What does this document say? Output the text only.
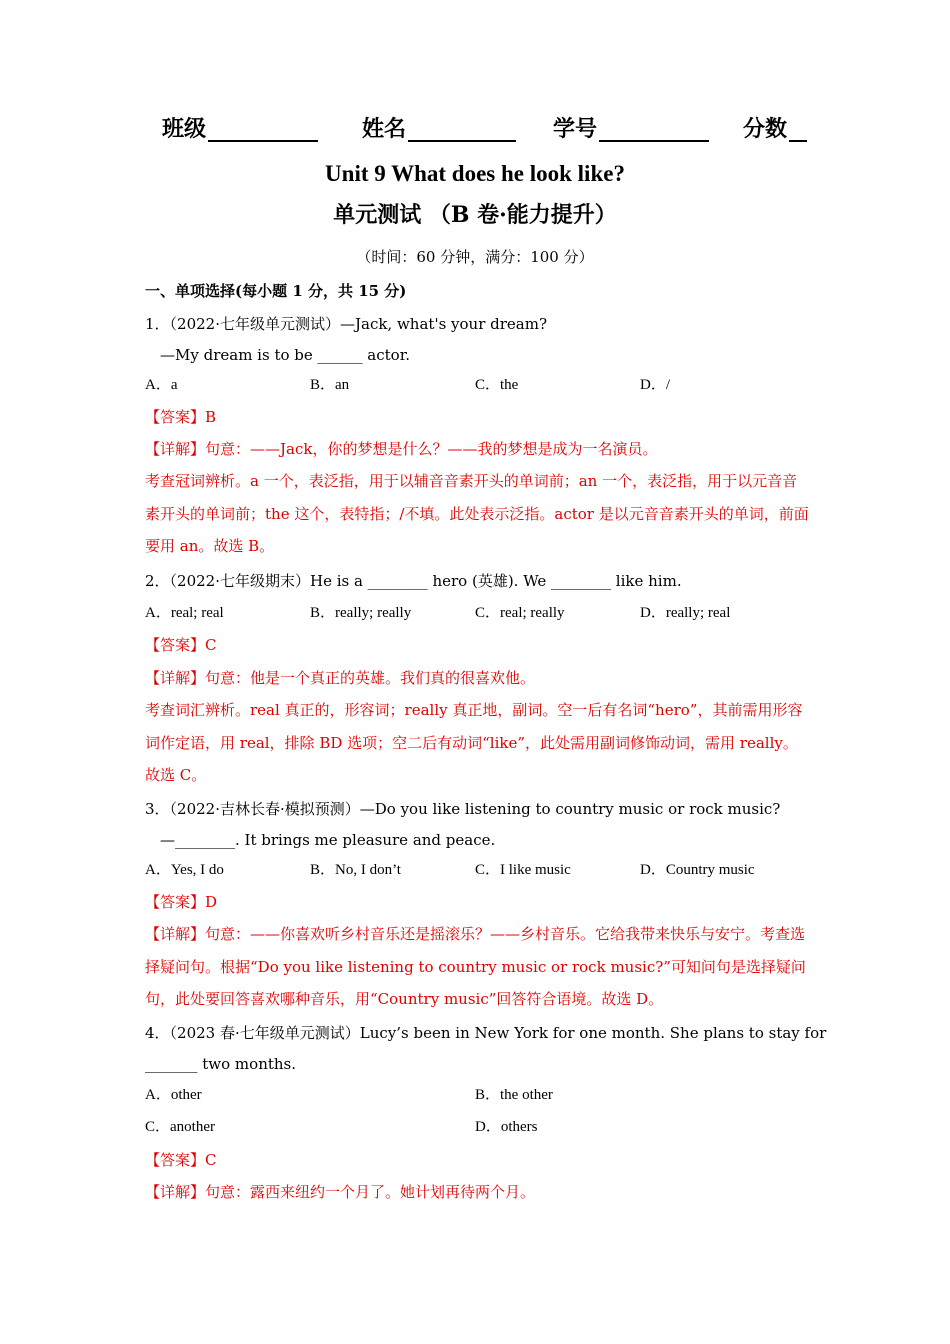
班级	姓名	学号	分数
Unit 9 What does he look like?
单元测试 （B 卷·能力提升）
（时间：60 分钟，满分：100 分）
一、单项选择(每小题 1 分，共 15 分)
1．（2022·七年级单元测试）—Jack, what's your dream?
—My dream is to be ______ actor.
A．a	B．an	C．the	D．/
【答案】B
【详解】句意：——Jack，你的梦想是什么？——我的梦想是成为一名演员。
考查冠词辨析。a 一个，表泛指，用于以辅音音素开头的单词前；an 一个，表泛指，用于以元音音素开头的单词前；the 这个，表特指；/不填。此处表示泛指。actor 是以元音音素开头的单词，前面要用 an。故选 B。
2．（2022·七年级期末）He is a ________ hero (英雄). We ________ like him.
A．real; real	B．really; really	C．real; really	D．really; real
【答案】C
【详解】句意：他是一个真正的英雄。我们真的很喜欢他。
考查词汇辨析。real 真正的，形容词；really 真正地，副词。空一后有名词“hero”，其前需用形容词作定语，用 real，排除 BD 选项；空二后有动词“like”，此处需用副词修饰动词，需用 really。故选 C。
3．（2022·吉林长春·模拟预测）—Do you like listening to country music or rock music?
—________. It brings me pleasure and peace.
A．Yes, I do	B．No, I don’t	C．I like music	D．Country music
【答案】D
【详解】句意：——你喜欢听乡村音乐还是摇滚乐？——乡村音乐。它给我带来快乐与安宁。考查选择疑问句。根据“Do you like listening to country music or rock music?”可知问句是选择疑问句，此处要回答喜欢哪种音乐，用“Country music”回答符合语境。故选 D。
4．（2023 春·七年级单元测试）Lucy’s been in New York for one month. She plans to stay for
_______ two months.
A．other	B．the other
C．another	D．others
【答案】C
【详解】句意：露西来纽约一个月了。她计划再待两个月。
